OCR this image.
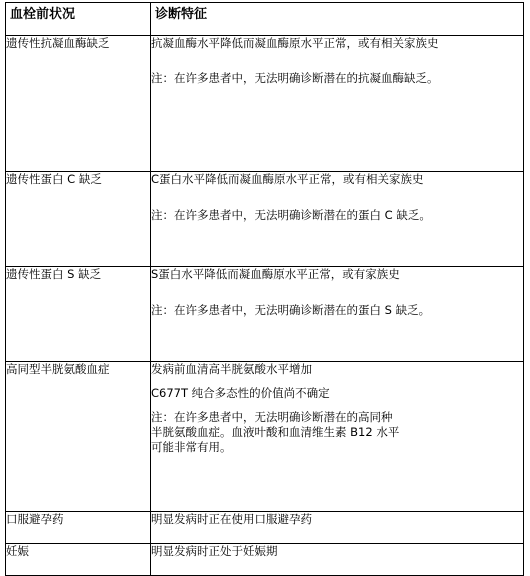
血栓前状况	诊断特征
遗传性抗凝血酶缺乏	抗凝血酶水平降低而凝血酶原水平正常，或有相关家族史
注：在许多患者中，无法明确诊断潜在的抗凝血酶缺乏。

遗传性蛋白 C 缺乏	C蛋白水平降低而凝血酶原水平正常，或有相关家族史
注：在许多患者中，无法明确诊断潜在的蛋白 C 缺乏。

遗传性蛋白 S 缺乏	S蛋白水平降低而凝血酶原水平正常，或有家族史
注：在许多患者中，无法明确诊断潜在的蛋白 S 缺乏。

高同型半胱氨酸血症	发病前血清高半胱氨酸水平增加
C677T 纯合多态性的价值尚不确定
注：在许多患者中，无法明确诊断潜在的高同种
半胱氨酸血症。血液叶酸和血清维生素 B12 水平
可能非常有用。

口服避孕药	明显发病时正在使用口服避孕药

妊娠	明显发病时正处于妊娠期
